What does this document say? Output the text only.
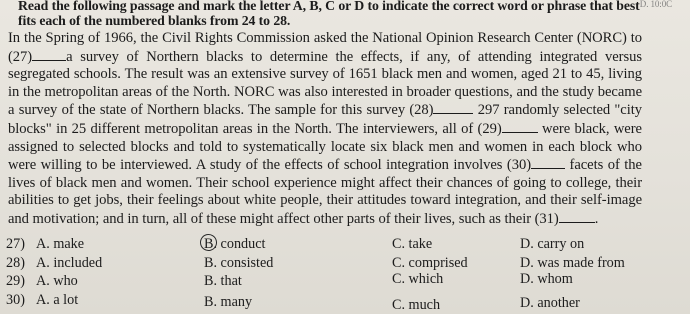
Read the following passage and mark the letter A, B, C or D to indicate the correct word or phrase that best fits each of the numbered blanks from 24 to 28.
D. 10:0C

In the Spring of 1966, the Civil Rights Commission asked the National Opinion Research Center (NORC) to (27) a survey of Northern blacks to determine the effects, if any, of attending integrated versus segregated schools. The result was an extensive survey of 1651 black men and women, aged 21 to 45, living in the metropolitan areas of the North. NORC was also interested in broader questions, and the study became a survey of the state of Northern blacks. The sample for this survey (28)	297 randomly selected "city blocks" in 25 different metropolitan areas in the North. The interviewers, all of (29)	were black, were assigned to selected blocks and told to systematically locate six black men and women in each block who were willing to be interviewed. A study of the effects of school integration involves (30)	facets of the lives of black men and women. Their school experience might affect their chances of going to college, their abilities to get jobs, their feelings about white people, their attitudes toward integration, and their self-image and motivation; and in turn, all of these might affect other parts of their lives, such as their (31) .

27) A. make	B. conduct	C. take	D. carry on
28) A. included	B. consisted	C. comprised	D. was made from
29) A. who	B. that	C. which	D. whom
30) A. a lot	B. many	C. much	D. another
